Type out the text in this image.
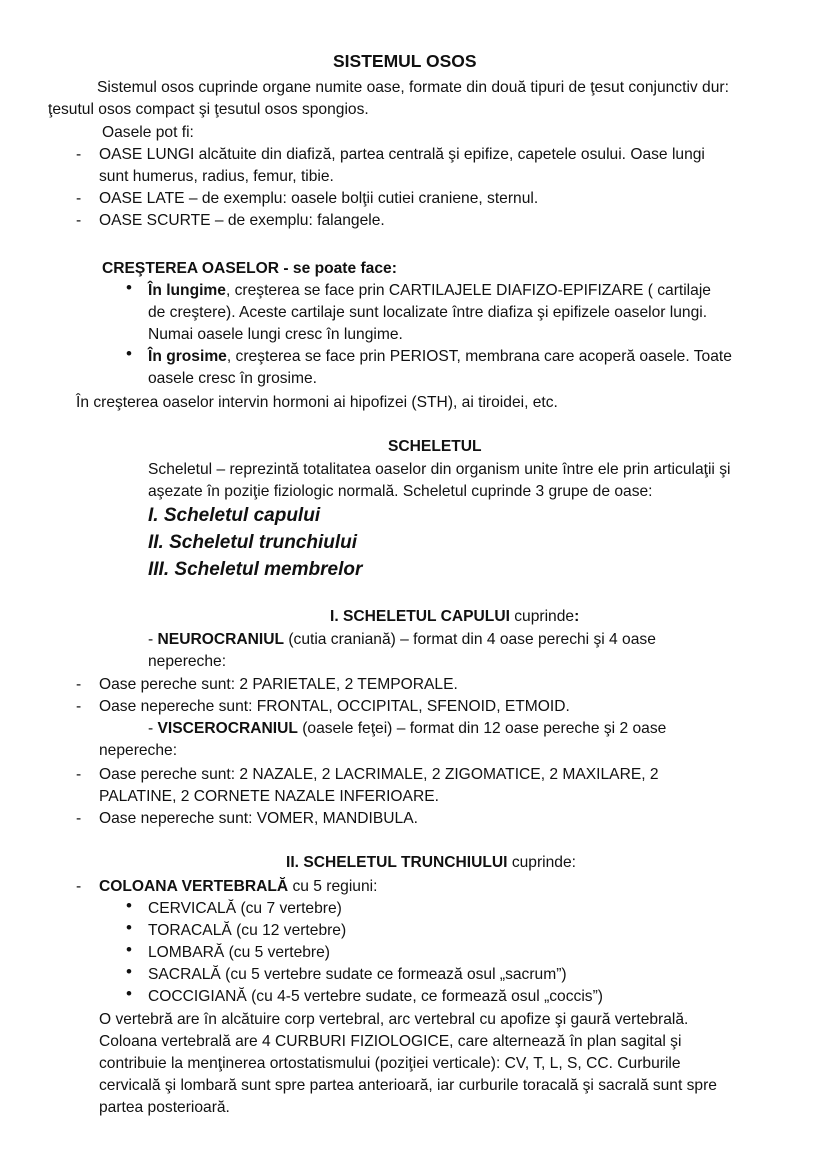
SISTEMUL OSOS
Sistemul osos cuprinde organe numite oase, formate din două tipuri de ţesut conjunctiv dur:
ţesutul osos compact şi ţesutul osos spongios.
Oasele pot fi:
-	OASE LUNGI alcătuite din diafiză, partea centrală şi epifize, capetele osului. Oase lungi
sunt humerus, radius, femur, tibie.
-	OASE LATE – de exemplu: oasele bolţii cutiei craniene, sternul.
-	OASE SCURTE – de exemplu: falangele.
CREŞTEREA OASELOR - se poate face:
• În lungime, creşterea se face prin CARTILAJELE DIAFIZO-EPIFIZARE ( cartilaje
de creştere). Aceste cartilaje sunt localizate între diafiza şi epifizele oaselor lungi.
Numai oasele lungi cresc în lungime.
• În grosime, creşterea se face prin PERIOST, membrana care acoperă oasele. Toate
oasele cresc în grosime.
În creşterea oaselor intervin hormoni ai hipofizei (STH), ai tiroidei, etc.
SCHELETUL
Scheletul – reprezintă totalitatea oaselor din organism unite între ele prin articulaţii şi
aşezate în poziţie fiziologic normală. Scheletul cuprinde 3 grupe de oase:
I. Scheletul capului
II. Scheletul trunchiului
III. Scheletul membrelor
I. SCHELETUL CAPULUI cuprinde:
- NEUROCRANIUL (cutia craniană) – format din 4 oase perechi şi 4 oase
nepereche:
-	Oase pereche sunt: 2 PARIETALE, 2 TEMPORALE.
-	Oase nepereche sunt: FRONTAL, OCCIPITAL, SFENOID, ETMOID.
- VISCEROCRANIUL (oasele feţei) – format din 12 oase pereche şi 2 oase
nepereche:
-	Oase pereche sunt: 2 NAZALE, 2 LACRIMALE, 2 ZIGOMATICE, 2 MAXILARE, 2
PALATINE, 2 CORNETE NAZALE INFERIOARE.
-	Oase nepereche sunt: VOMER, MANDIBULA.
II. SCHELETUL TRUNCHIULUI cuprinde:
-	COLOANA VERTEBRALĂ cu 5 regiuni:
• CERVICALĂ (cu 7 vertebre)
• TORACALĂ (cu 12 vertebre)
• LOMBARĂ (cu 5 vertebre)
• SACRALĂ (cu 5 vertebre sudate ce formează osul „sacrum”)
• COCCIGIANĂ (cu 4-5 vertebre sudate, ce formează osul „coccis”)
O vertebră are în alcătuire corp vertebral, arc vertebral cu apofize şi gaură vertebrală.
Coloana vertebrală are 4 CURBURI FIZIOLOGICE, care alternează în plan sagital şi
contribuie la menţinerea ortostatismului (poziţiei verticale): CV, T, L, S, CC. Curburile
cervicală şi lombară sunt spre partea anterioară, iar curburile toracală şi sacrală sunt spre
partea posterioară.
